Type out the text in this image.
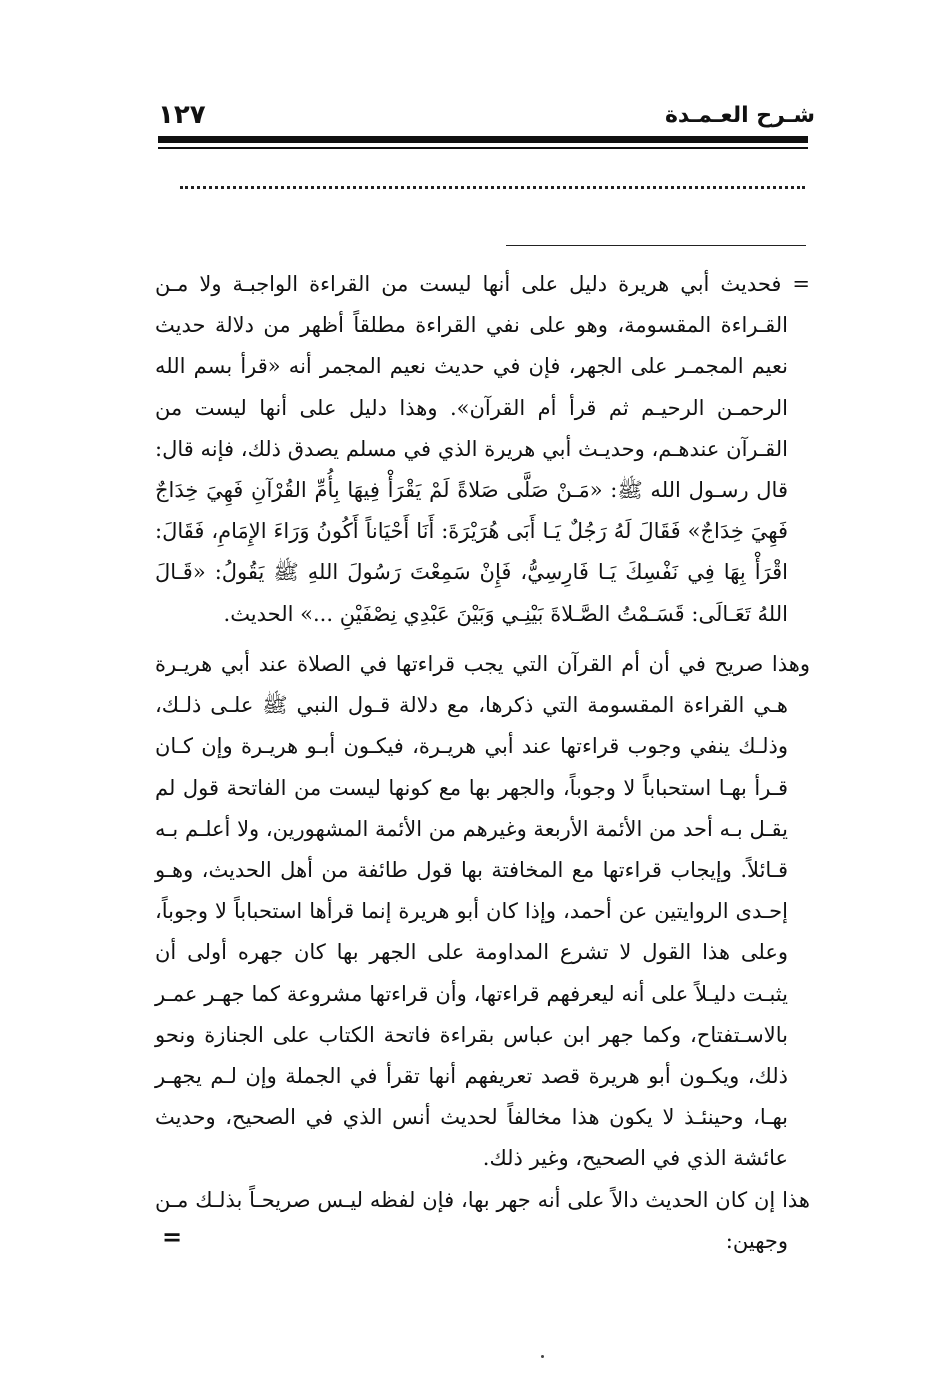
شـرح العـمـدة
١٢٧

= فحديث أبي هريرة دليل على أنها ليست من القراءة الواجبـة ولا مـن القـراءة المقسومة، وهو على نفي القراءة مطلقاً أظهر من دلالة حديث نعيم المجمـر على الجهر، فإن في حديث نعيم المجمر أنه «قرأ بسم الله الرحمـن الرحيـم ثم قرأ أم القرآن». وهذا دليل على أنها ليست من القـرآن عندهـم، وحديـث أبي هريرة الذي في مسلم يصدق ذلك، فإنه قال: قال رسـول الله ﷺ: «مَـنْ صَلَّى صَلاةً لَمْ يَقْرَأْ فِيهَا بِأُمِّ القُرْآنِ فَهِيَ خِدَاجٌ فَهِيَ خِدَاجٌ» فَقَالَ لَهُ رَجُلٌ يَـا أَبَى هُرَيْرَةَ: أَنَا أَحْيَاناً أَكُونُ وَرَاءَ الإِمَامِ، فَقَالَ: اقْرَأْ بِهَا فِي نَفْسِكَ يَـا فَارِسِيُّ، فَإِنْ سَمِعْتَ رَسُولَ اللهِ ﷺ يَقُولُ: «قَـالَ اللهُ تَعَـالَى: قَسَـمْتُ الصَّـلاةَ بَيْنِـي وَبَيْنَ عَبْدِي نِصْفَيْنِ ...» الحديث.

وهذا صريح في أن أم القرآن التي يجب قراءتها في الصلاة عند أبي هريـرة هـي القراءة المقسومة التي ذكرها، مع دلالة قـول النبي ﷺ علـى ذلـك، وذلـك ينفي وجوب قراءتها عند أبي هريـرة، فيكـون أبـو هريـرة وإن كـان قـرأ بهـا استحباباً لا وجوباً، والجهر بها مع كونها ليست من الفاتحة قول لم يقـل بـه أحد من الأئمة الأربعة وغيرهم من الأئمة المشهورين، ولا أعلـم بـه قـائلاً. وإيجاب قراءتها مع المخافتة بها قول طائفة من أهل الحديث، وهـو إحـدى الروايتين عن أحمد، وإذا كان أبو هريرة إنما قرأها استحباباً لا وجوباً، وعلى هذا القول لا تشرع المداومة على الجهر بها كان جهره أولى أن يثبـت دليـلاً على أنه ليعرفهم قراءتها، وأن قراءتها مشروعة كما جهـر عمـر بالاسـتفتاح، وكما جهر ابن عباس بقراءة فاتحة الكتاب على الجنازة ونحو ذلك، ويكـون أبو هريرة قصد تعريفهم أنها تقرأ في الجملة وإن لـم يجهـر بهـا، وحينئـذ لا يكون هذا مخالفاً لحديث أنس الذي في الصحيح، وحديث عائشة الذي في الصحيح، وغير ذلك.

هذا إن كان الحديث دالاً على أنه جهر بها، فإن لفظه ليـس صريحـاً بذلـك مـن وجهين:

=
